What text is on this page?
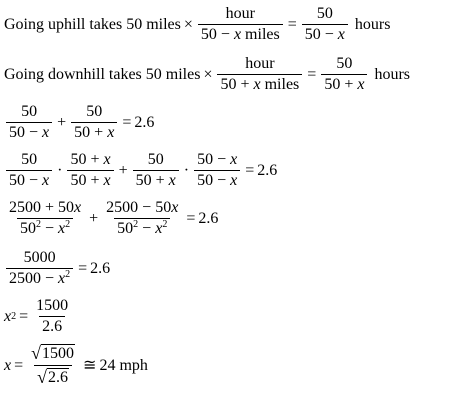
Going uphill takes 50 miles × $\frac{\text{hour}}{\text{50 − x miles}} = \frac{50}{50 - x}$ hours
Going downhill takes 50 miles × $\frac{\text{hour}}{\text{50 + x miles}} = \frac{50}{50 + x}$ hours
$\frac{50}{50 - x} + \frac{50}{50 + x} = 2.6$
$\frac{50}{50 - x} \cdot \frac{50 + x}{50 + x} + \frac{50}{50 + x} \cdot \frac{50 - x}{50 - x} = 2.6$
$\frac{2500 + 50x}{50^2 - x^2} + \frac{2500 - 50x}{50^2 - x^2} = 2.6$
$\frac{5000}{2500 - x^2} = 2.6$
x $2 = \frac{1500}{2.6}$
$x = \frac{√ 1500}{√ 2.6}$ ≅ 24 mph
